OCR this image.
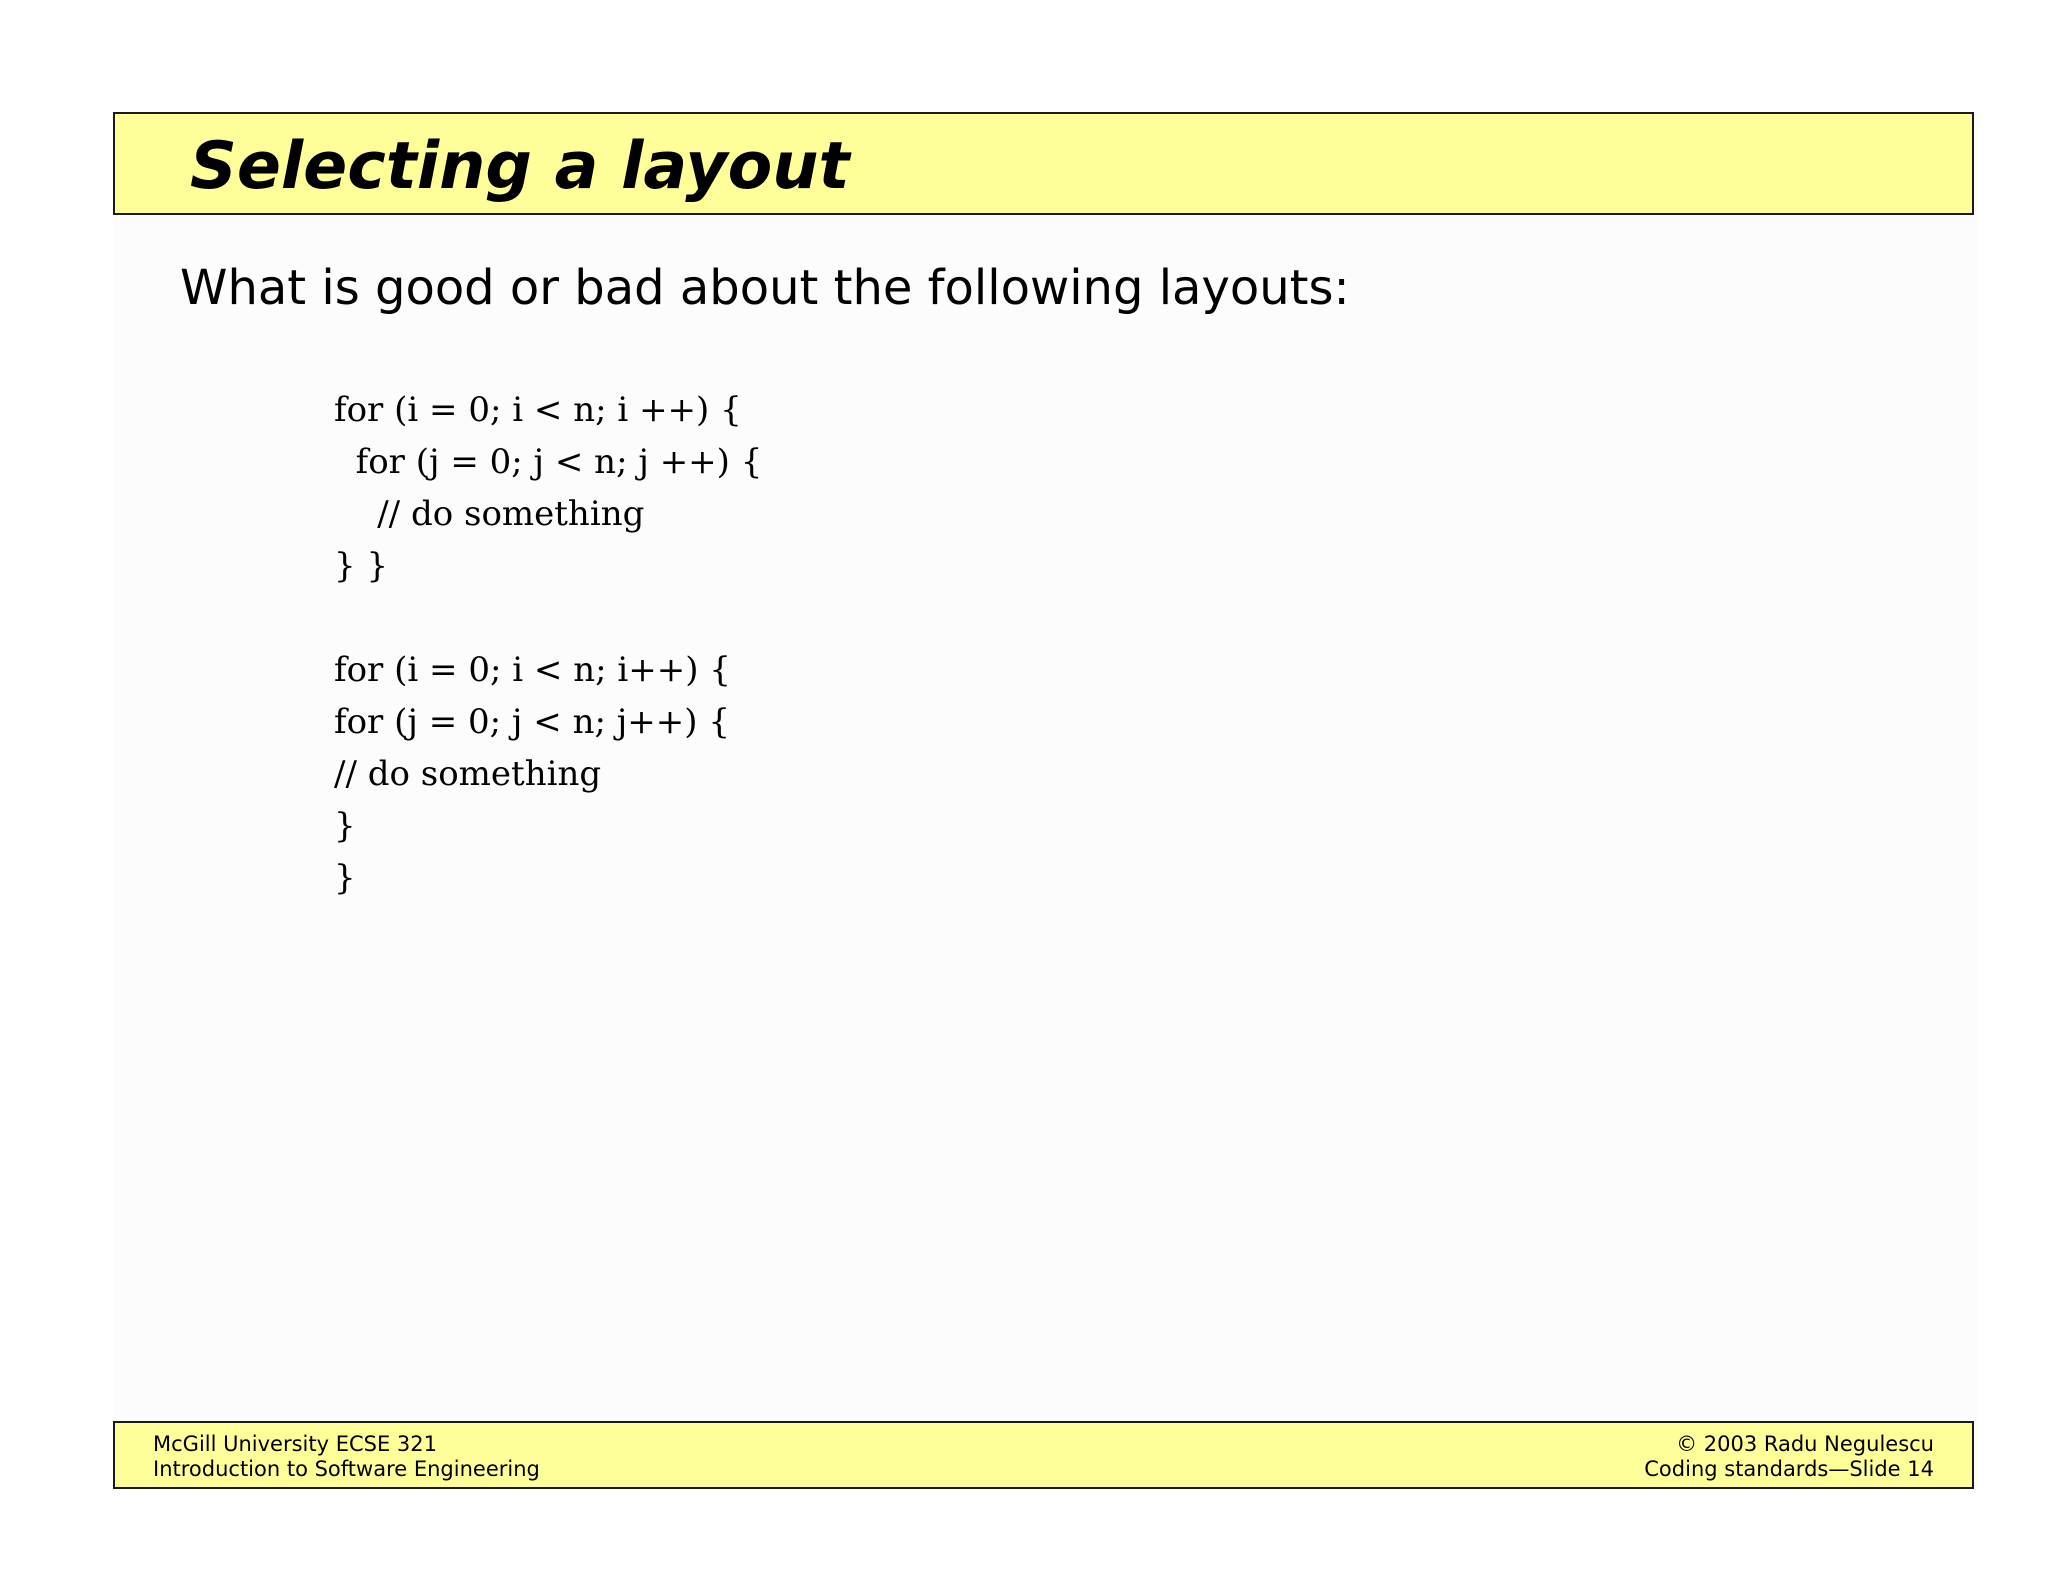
Selecting a layout

What is good or bad about the following layouts:

for (i = 0; i < n; i ++) {
for (j = 0; j < n; j ++) {
// do something
} }
for (i = 0; i < n; i++) {
for (j = 0; j < n; j++) {
// do something
}
}
McGill University ECSE 321
Introduction to Software Engineering
© 2003 Radu Negulescu
Coding standards—Slide 14
